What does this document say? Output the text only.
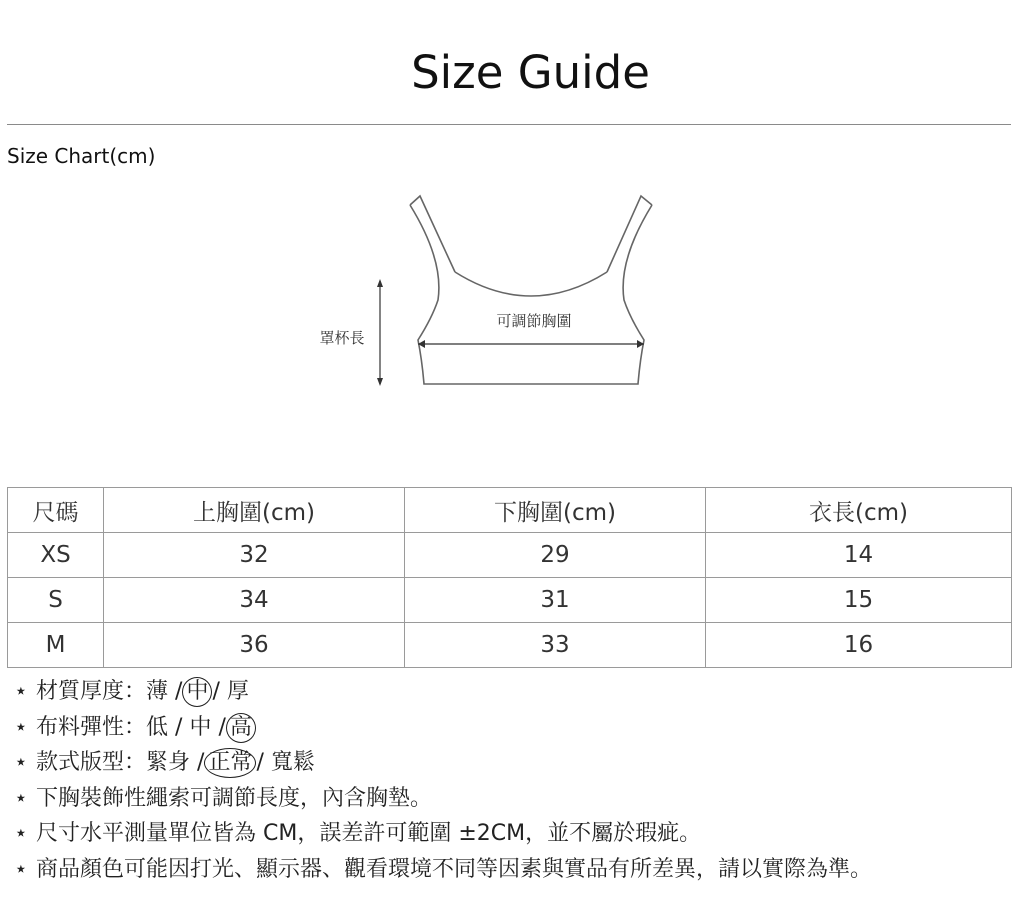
Size Guide
Size Chart(cm)
可調節胸圍
罩杯長
尺碼	上胸圍(cm)	下胸圍(cm)	衣長(cm)
XS	32	29	14
S	34	31	15
M	36	33	16
⋆ 材質厚度：薄 / 中 / 厚
⋆ 布料彈性：低 / 中 / 高
⋆ 款式版型：緊身 / 正常 / 寬鬆
⋆ 下胸裝飾性繩索可調節長度，內含胸墊。
⋆ 尺寸水平測量單位皆為 CM，誤差許可範圍 ±2CM，並不屬於瑕疵。
⋆ 商品顏色可能因打光、顯示器、觀看環境不同等因素與實品有所差異，請以實際為準。
